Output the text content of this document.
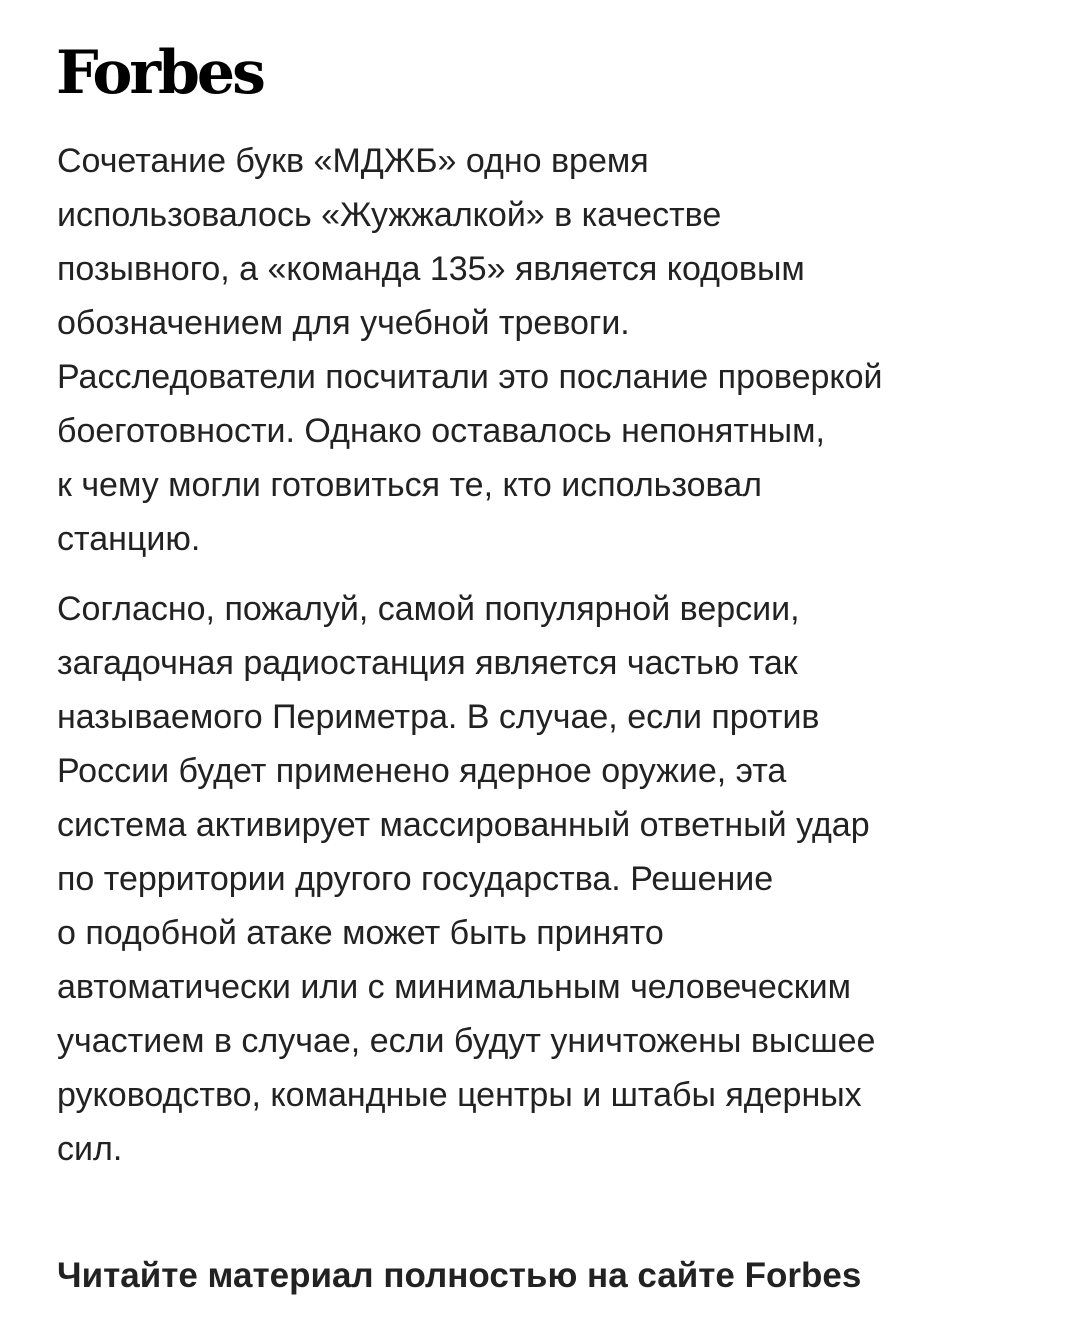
Forbes

Сочетание букв «МДЖБ» одно время
использовалось «Жужжалкой» в качестве
позывного, а «команда 135» является кодовым
обозначением для учебной тревоги.
Расследователи посчитали это послание проверкой
боеготовности. Однако оставалось непонятным,
к чему могли готовиться те, кто использовал
станцию.

Согласно, пожалуй, самой популярной версии,
загадочная радиостанция является частью так
называемого Периметра. В случае, если против
России будет применено ядерное оружие, эта
система активирует массированный ответный удар
по территории другого государства. Решение
о подобной атаке может быть принято
автоматически или с минимальным человеческим
участием в случае, если будут уничтожены высшее
руководство, командные центры и штабы ядерных
сил.

Читайте материал полностью на сайте Forbes
